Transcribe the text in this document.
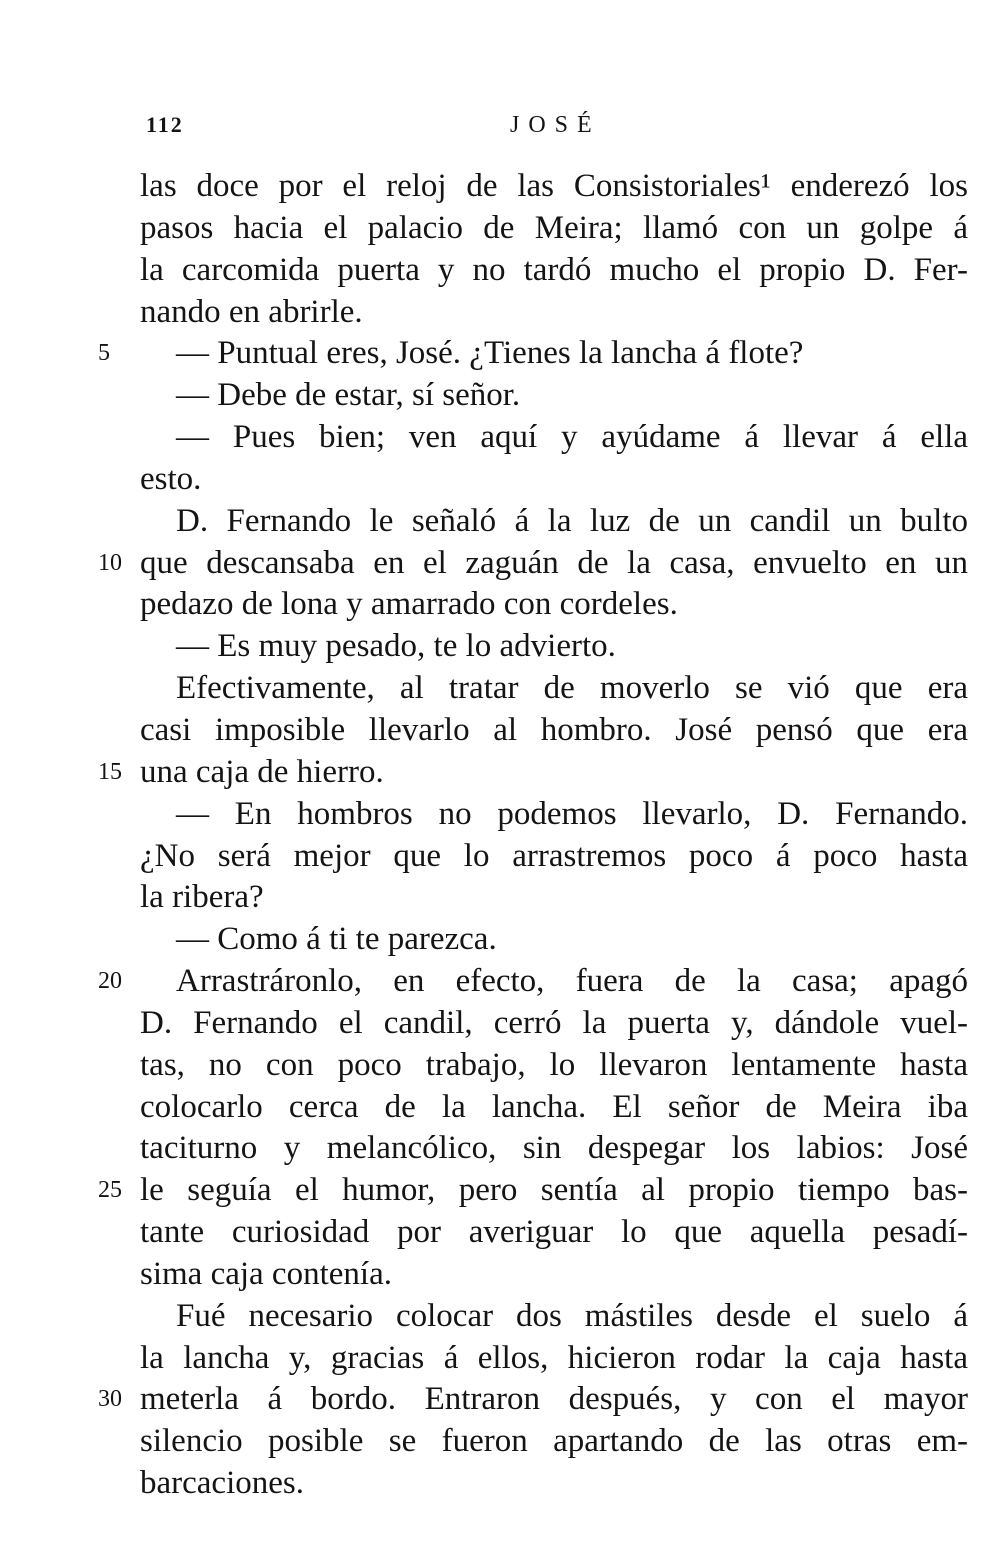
112	JOSÉ
las doce por el reloj de las Consistoriales¹ enderezó los
pasos hacia el palacio de Meira; llamó con un golpe á
la carcomida puerta y no tardó mucho el propio D. Fer-
nando en abrirle.
5	— Puntual eres, José. ¿Tienes la lancha á flote?
— Debe de estar, sí señor.
— Pues bien; ven aquí y ayúdame á llevar á ella
esto.
D. Fernando le señaló á la luz de un candil un bulto
10 que descansaba en el zaguán de la casa, envuelto en un
pedazo de lona y amarrado con cordeles.
— Es muy pesado, te lo advierto.
Efectivamente, al tratar de moverlo se vió que era
casi imposible llevarlo al hombro. José pensó que era
15 una caja de hierro.
— En hombros no podemos llevarlo, D. Fernando.
¿No será mejor que lo arrastremos poco á poco hasta
la ribera?
— Como á ti te parezca.
20 Arrastráronlo, en efecto, fuera de la casa; apagó
D. Fernando el candil, cerró la puerta y, dándole vuel-
tas, no con poco trabajo, lo llevaron lentamente hasta
colocarlo cerca de la lancha. El señor de Meira iba
taciturno y melancólico, sin despegar los labios: José
25 le seguía el humor, pero sentía al propio tiempo bas-
tante curiosidad por averiguar lo que aquella pesadí-
sima caja contenía.
Fué necesario colocar dos mástiles desde el suelo á
la lancha y, gracias á ellos, hicieron rodar la caja hasta
30 meterla á bordo. Entraron después, y con el mayor
silencio posible se fueron apartando de las otras em-
barcaciones.
